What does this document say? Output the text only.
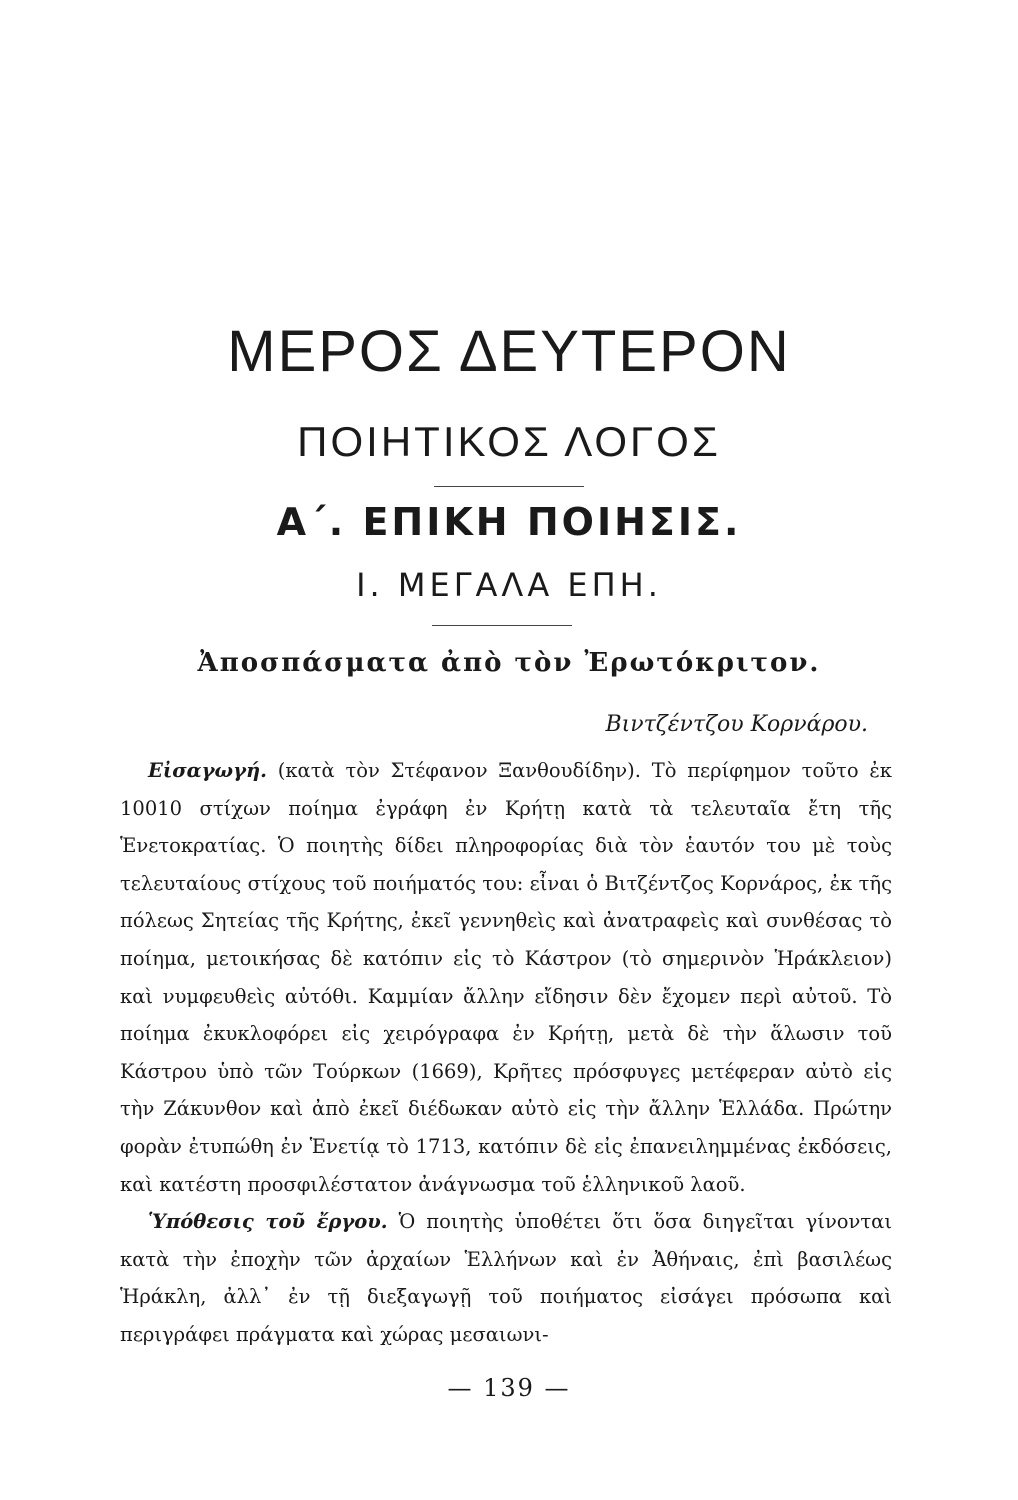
ΜΕΡΟΣ ΔΕΥΤΕΡΟΝ
ΠΟΙΗΤΙΚΟΣ ΛΟΓΟΣ
Α΄. ΕΠΙΚΗ ΠΟΙΗΣΙΣ.
Ι. ΜΕΓΑΛΑ ΕΠΗ.
Ἀποσπάσματα ἀπὸ τὸν Ἐρωτόκριτον.
Βιντζέντζου Κορνάρου.

Εἰσαγωγή. (κατὰ τὸν Στέφανον Ξανθουδίδην). Τὸ περίφημον τοῦτο ἐκ 10010 στίχων ποίημα ἐγράφη ἐν Κρήτῃ κατὰ τὰ τελευταῖα ἔτη τῆς Ἑνετοκρατίας. Ὁ ποιητὴς δίδει πληροφορίας διὰ τὸν ἑαυτόν του μὲ τοὺς τελευταίους στίχους τοῦ ποιήματός του: εἶναι ὁ Βιτζέντζος Κορνάρος, ἐκ τῆς πόλεως Σητείας τῆς Κρήτης, ἐκεῖ γεννηθεὶς καὶ ἀνατραφεὶς καὶ συνθέσας τὸ ποίημα, μετοικήσας δὲ κατόπιν εἰς τὸ Κάστρον (τὸ σημερινὸν Ἡράκλειον) καὶ νυμφευθεὶς αὐτόθι. Καμμίαν ἄλλην εἴδησιν δὲν ἔχομεν περὶ αὐτοῦ. Τὸ ποίημα ἐκυκλοφόρει εἰς χειρόγραφα ἐν Κρήτῃ, μετὰ δὲ τὴν ἅλωσιν τοῦ Κάστρου ὑπὸ τῶν Τούρκων (1669), Κρῆτες πρόσφυγες μετέφεραν αὐτὸ εἰς τὴν Ζάκυνθον καὶ ἀπὸ ἐκεῖ διέδωκαν αὐτὸ εἰς τὴν ἄλλην Ἑλλάδα. Πρώτην φορὰν ἐτυπώθη ἐν Ἑνετίᾳ τὸ 1713, κατόπιν δὲ εἰς ἐπανειλημμένας ἐκδόσεις, καὶ κατέστη προσφιλέστατον ἀνάγνωσμα τοῦ ἑλληνικοῦ λαοῦ.

Ὑπόθεσις τοῦ ἔργου. Ὁ ποιητὴς ὑποθέτει ὅτι ὅσα διηγεῖται γίνονται κατὰ τὴν ἐποχὴν τῶν ἀρχαίων Ἑλλήνων καὶ ἐν Ἀθήναις, ἐπὶ βασιλέως Ἡράκλη, ἀλλ᾽ ἐν τῇ διεξαγωγῇ τοῦ ποιήματος εἰσάγει πρόσωπα καὶ περιγράφει πράγματα καὶ χώρας μεσαιωνι-

— 139 —
